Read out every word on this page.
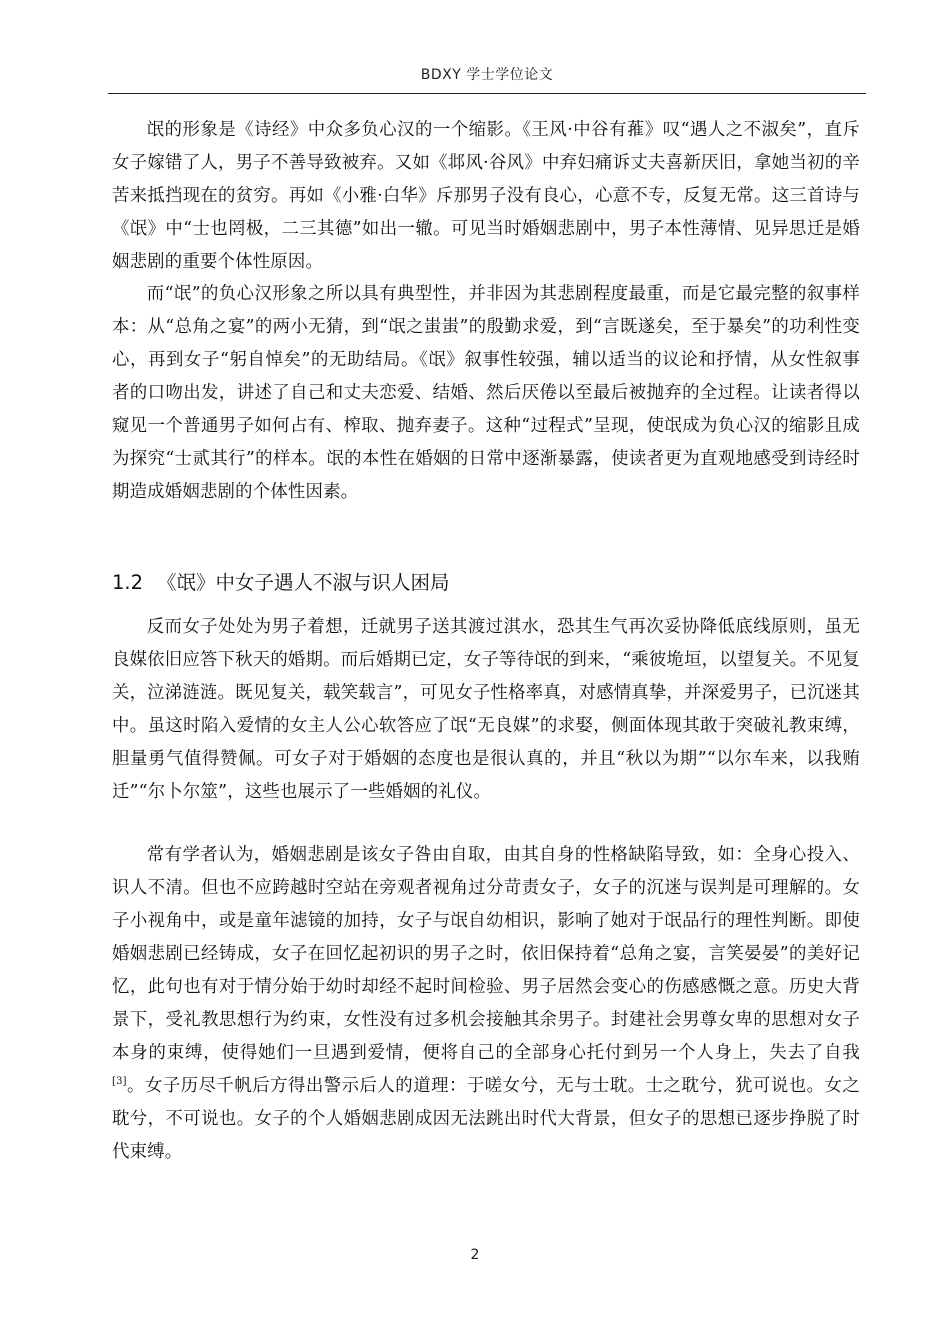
BDXY 学士学位论文

氓的形象是《诗经》中众多负心汉的一个缩影。《王风·中谷有蓷》叹“遇人之不淑矣”，直斥女子嫁错了人，男子不善导致被弃。又如《邶风·谷风》中弃妇痛诉丈夫喜新厌旧，拿她当初的辛苦来抵挡现在的贫穷。再如《小雅·白华》斥那男子没有良心，心意不专，反复无常。这三首诗与《氓》中“士也罔极，二三其德”如出一辙。可见当时婚姻悲剧中，男子本性薄情、见异思迁是婚姻悲剧的重要个体性原因。

而“氓”的负心汉形象之所以具有典型性，并非因为其悲剧程度最重，而是它最完整的叙事样本：从“总角之宴”的两小无猜，到“氓之蚩蚩”的殷勤求爱，到“言既遂矣，至于暴矣”的功利性变心，再到女子“躬自悼矣”的无助结局。《氓》叙事性较强，辅以适当的议论和抒情，从女性叙事者的口吻出发，讲述了自己和丈夫恋爱、结婚、然后厌倦以至最后被抛弃的全过程。让读者得以窥见一个普通男子如何占有、榨取、抛弃妻子。这种“过程式”呈现，使氓成为负心汉的缩影且成为探究“士贰其行”的样本。氓的本性在婚姻的日常中逐渐暴露，使读者更为直观地感受到诗经时期造成婚姻悲剧的个体性因素。

1.2 《氓》中女子遇人不淑与识人困局

反而女子处处为男子着想，迁就男子送其渡过淇水，恐其生气再次妥协降低底线原则，虽无良媒依旧应答下秋天的婚期。而后婚期已定，女子等待氓的到来，“乘彼垝垣，以望复关。不见复关，泣涕涟涟。既见复关，载笑载言”，可见女子性格率真，对感情真挚，并深爱男子，已沉迷其中。虽这时陷入爱情的女主人公心软答应了氓“无良媒”的求娶，侧面体现其敢于突破礼教束缚，胆量勇气值得赞佩。可女子对于婚姻的态度也是很认真的，并且“秋以为期”“以尔车来，以我贿迁”“尔卜尔筮”，这些也展示了一些婚姻的礼仪。

常有学者认为，婚姻悲剧是该女子咎由自取，由其自身的性格缺陷导致，如：全身心投入、识人不清。但也不应跨越时空站在旁观者视角过分苛责女子，女子的沉迷与误判是可理解的。女子小视角中，或是童年滤镜的加持，女子与氓自幼相识，影响了她对于氓品行的理性判断。即使婚姻悲剧已经铸成，女子在回忆起初识的男子之时，依旧保持着“总角之宴，言笑晏晏”的美好记忆，此句也有对于情分始于幼时却经不起时间检验、男子居然会变心的伤感感慨之意。历史大背景下，受礼教思想行为约束，女性没有过多机会接触其余男子。封建社会男尊女卑的思想对女子本身的束缚，使得她们一旦遇到爱情，便将自己的全部身心托付到另一个人身上，失去了自我[3]。女子历尽千帆后方得出警示后人的道理：于嗟女兮，无与士耽。士之耽兮，犹可说也。女之耽兮，不可说也。女子的个人婚姻悲剧成因无法跳出时代大背景，但女子的思想已逐步挣脱了时代束缚。

2
